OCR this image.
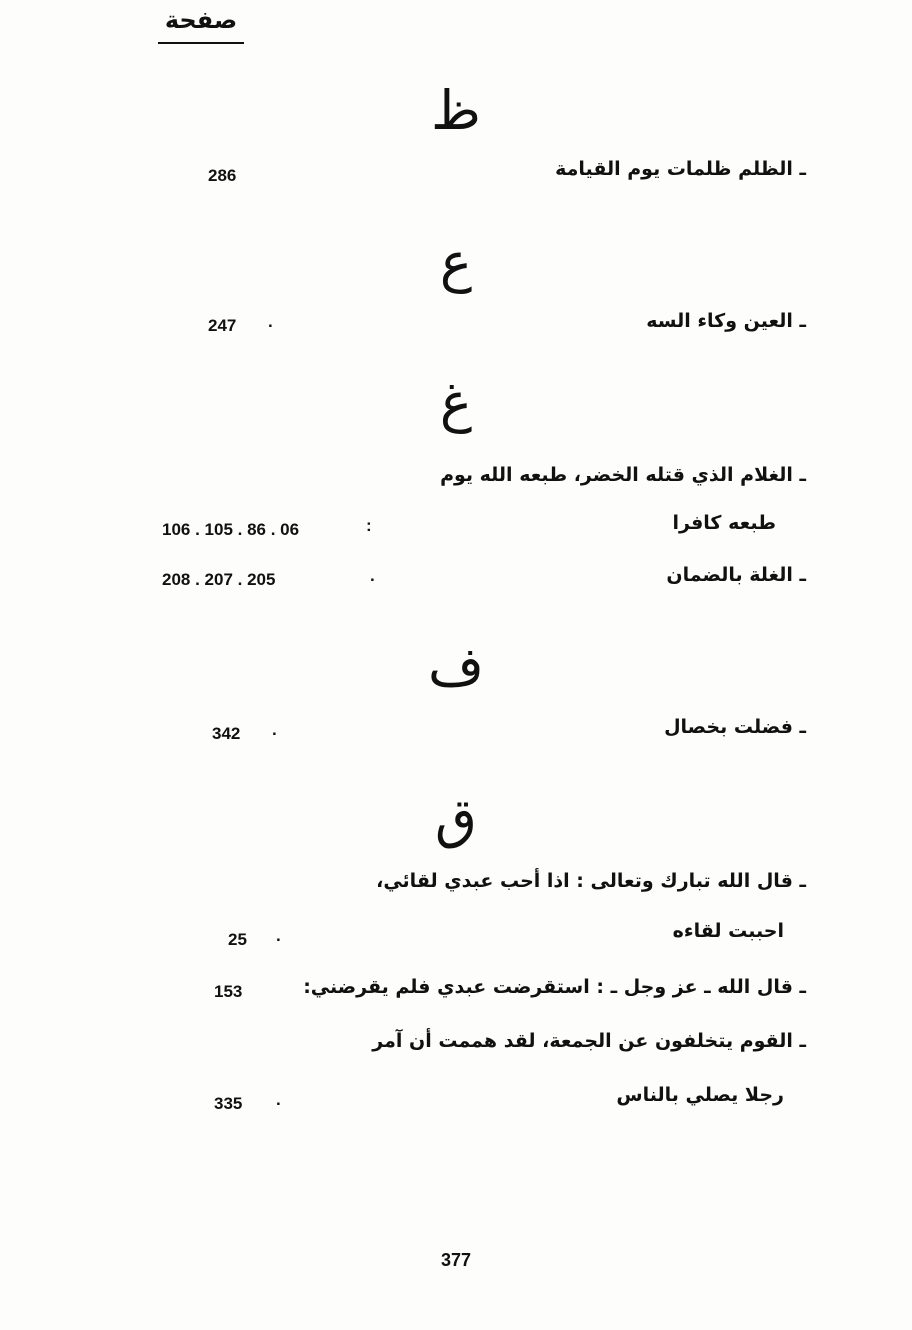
صفحة
ظ
ـ الظلم ظلمات يوم القيامة
286
ع
ـ العين وكاء السه
.
247
غ
ـ الغلام الذي قتله الخضر، طبعه الله يوم
طبعه كافرا
:
106 . 105 . 86 . 06
ـ الغلة بالضمان
.
208 . 207 . 205
ف
ـ فضلت بخصال
.
342
ق
ـ قال الله تبارك وتعالى : اذا أحب عبدي لقائي،
احببت لقاءه
.
25
ـ قال الله ـ عز وجل ـ : استقرضت عبدي فلم يقرضني:
153
ـ القوم يتخلفون عن الجمعة، لقد هممت أن آمر
رجلا يصلي بالناس
.
335
377
